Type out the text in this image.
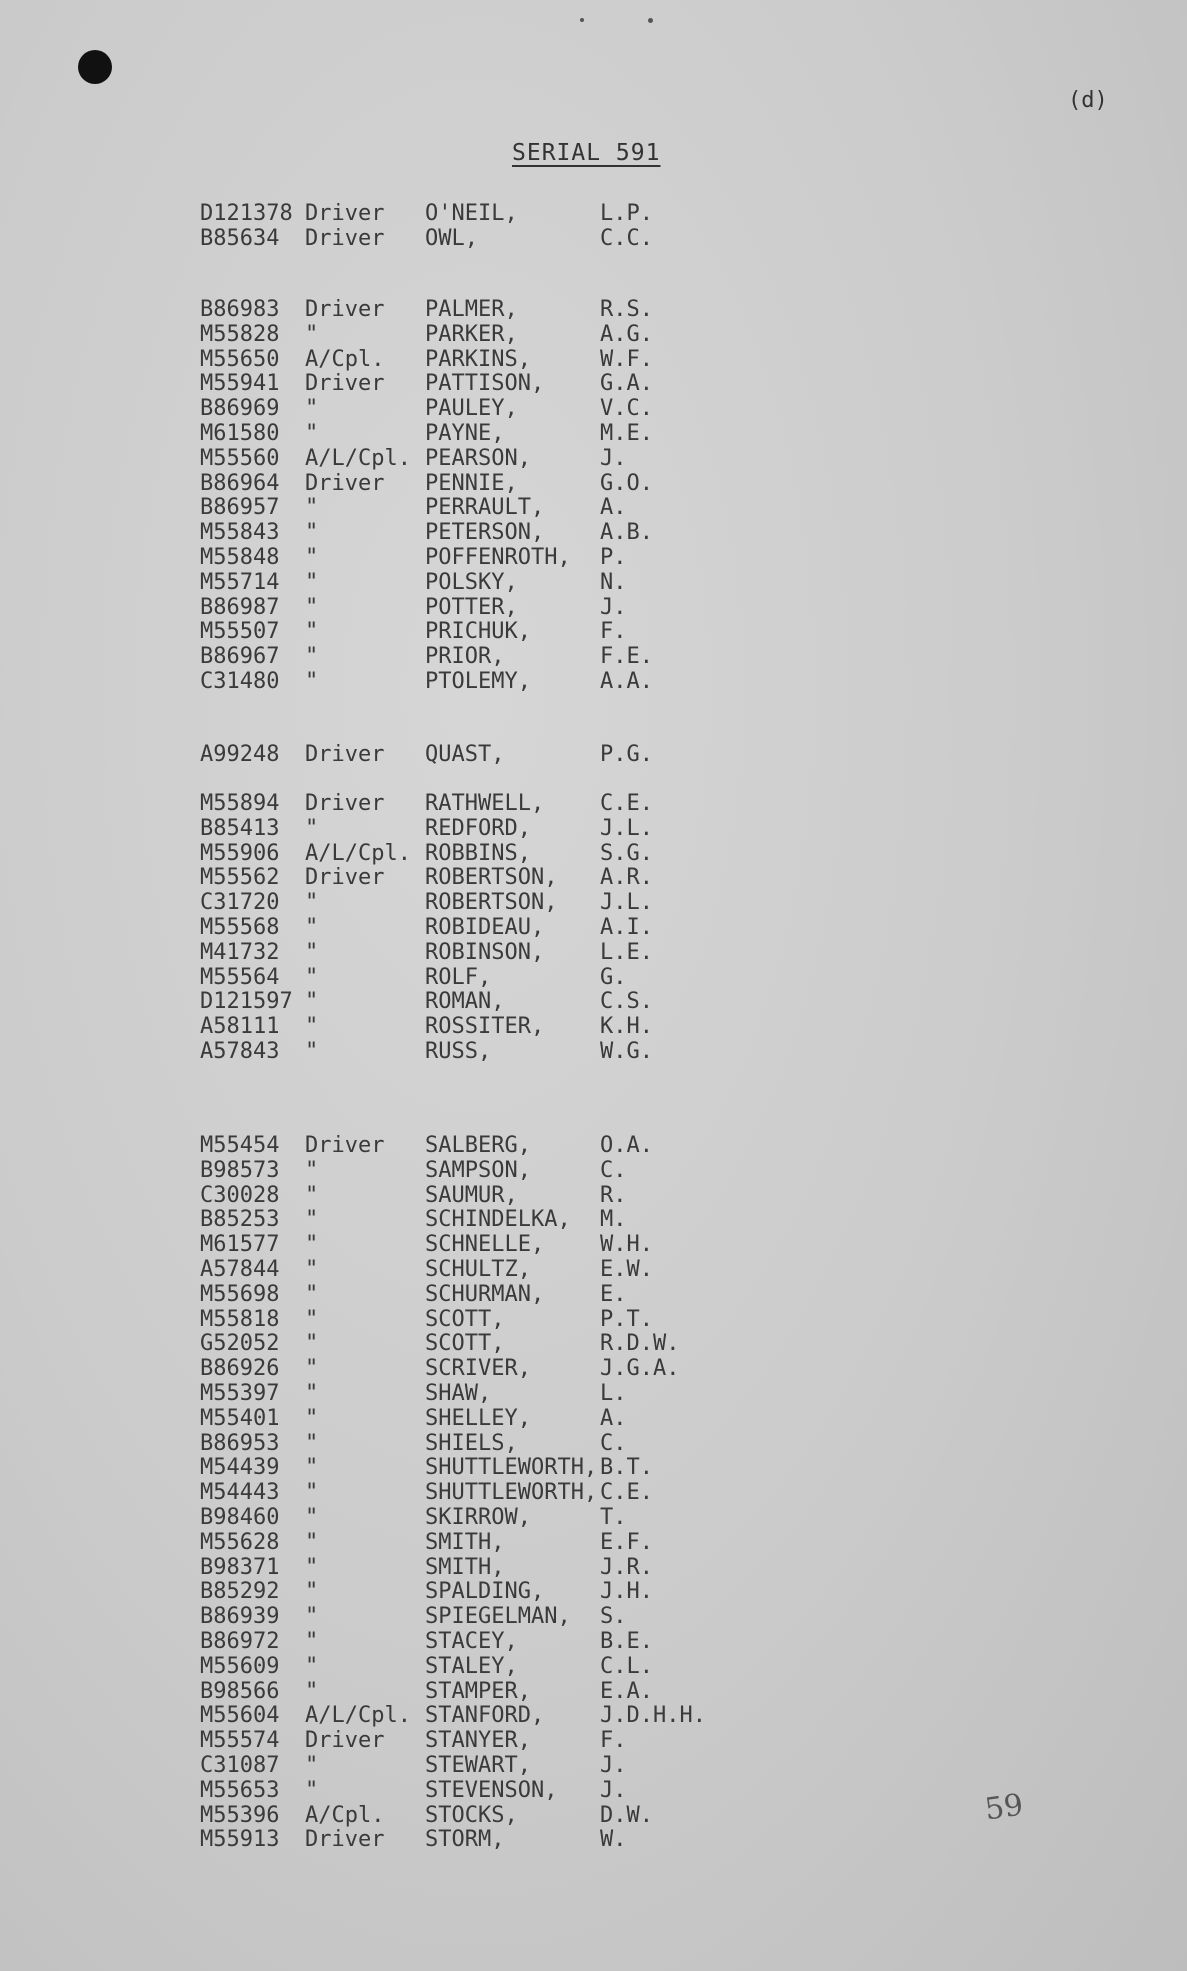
(d)
SERIAL 591
D121378 Driver O'NEIL,	L.P.
B85634 Driver OWL,	C.C.
B86983 Driver PALMER,	R.S.
M55828 "	PARKER,	A.G.
M55650 A/Cpl. PARKINS,	W.F.
M55941 Driver PATTISON,	G.A.
B86969 "	PAULEY,	V.C.
M61580 "	PAYNE,	M.E.
M55560 A/L/Cpl. PEARSON,	J.
B86964 Driver PENNIE,	G.O.
B86957 "	PERRAULT,	A.
M55843 "	PETERSON,	A.B.
M55848 "	POFFENROTH, P.
M55714 "	POLSKY,	N.
B86987 "	POTTER,	J.
M55507 "	PRICHUK,	F.
B86967 "	PRIOR,	F.E.
C31480 "	PTOLEMY,	A.A.
A99248 Driver QUAST,	P.G.
M55894 Driver RATHWELL,	C.E.
B85413 "	REDFORD,	J.L.
M55906 A/L/Cpl. ROBBINS,	S.G.
M55562 Driver ROBERTSON, A.R.
C31720 "	ROBERTSON, J.L.
M55568 "	ROBIDEAU,	A.I.
M41732 "	ROBINSON,	L.E.
M55564 "	ROLF,	G.
D121597 "	ROMAN,	C.S.
A58111 "	ROSSITER,	K.H.
A57843 "	RUSS,	W.G.
M55454 Driver SALBERG,	O.A.
B98573 "	SAMPSON,	C.
C30028 "	SAUMUR,	R.
B85253 "	SCHINDELKA, M.
M61577 "	SCHNELLE,	W.H.
A57844 "	SCHULTZ,	E.W.
M55698 "	SCHURMAN,	E.
M55818 "	SCOTT,	P.T.
G52052 "	SCOTT,	R.D.W.
B86926 "	SCRIVER,	J.G.A.
M55397 "	SHAW,	L.
M55401 "	SHELLEY,	A.
B86953 "	SHIELS,	C.
M54439 "	SHUTTLEWORTH, B.T.
M54443 "	SHUTTLEWORTH, C.E.
B98460 "	SKIRROW,	T.
M55628 "	SMITH,	E.F.
B98371 "	SMITH,	J.R.
B85292 "	SPALDING,	J.H.
B86939 "	SPIEGELMAN, S.
B86972 "	STACEY,	B.E.
M55609 "	STALEY,	C.L.
B98566 "	STAMPER,	E.A.
M55604 A/L/Cpl. STANFORD,	J.D.H.H.
M55574 Driver STANYER,	F.
C31087 "	STEWART,	J.
M55653 "	STEVENSON, J.
M55396 A/Cpl. STOCKS,	D.W.
M55913 Driver STORM,	W.
59
